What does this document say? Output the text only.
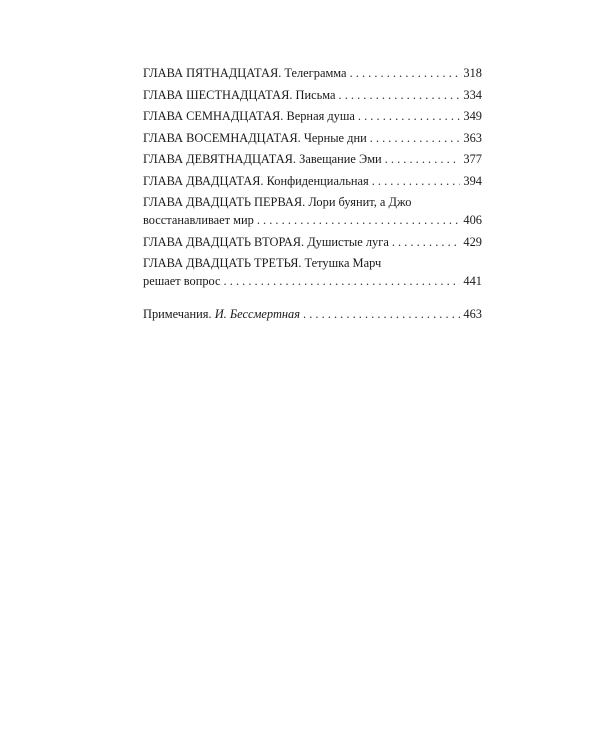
ГЛАВА ПЯТНАДЦАТАЯ. Телеграмма . . .	318
ГЛАВА ШЕСТНАДЦАТАЯ. Письма . . .	334
ГЛАВА СЕМНАДЦАТАЯ. Верная душа . . .	349
ГЛАВА ВОСЕМНАДЦАТАЯ. Черные дни . . .	363
ГЛАВА ДЕВЯТНАДЦАТАЯ. Завещание Эми . . .	377
ГЛАВА ДВАДЦАТАЯ. Конфиденциальная . . .	394
ГЛАВА ДВАДЦАТЬ ПЕРВАЯ. Лори буянит, а Джо
восстанавливает мир . . .	406
ГЛАВА ДВАДЦАТЬ ВТОРАЯ. Душистые луга . . .	429
ГЛАВА ДВАДЦАТЬ ТРЕТЬЯ. Тетушка Марч
решает вопрос . . .	441
Примечания. И. Бессмертная . . .	463
